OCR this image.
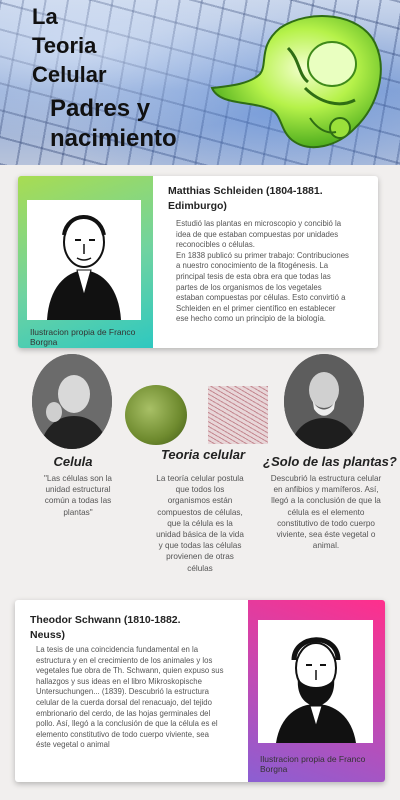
La
Teoria
Celular
Padres y
nacimiento
Ilustracion propia de Franco
Borgna
Matthias Schleiden (1804-1881.
Edimburgo)
Estudió las plantas en microscopio y concibió la
idea de que estaban compuestas por unidades
reconocibles o células.
En 1838 publicó su primer trabajo: Contribuciones
a nuestro conocimiento de la fitogénesis. La
principal tesis de esta obra era que todas las
partes de los organismos de los vegetales
estaban compuestas por células. Esto convirtió a
Schleiden en el primer científico en establecer
ese hecho como un principio de la biología.
Celula
"Las células son la
unidad estructural
común a todas las
plantas"
Teoria celular
La teoría celular postula
que todos los
organismos están
compuestos de células,
que la célula es la
unidad básica de la vida
y que todas las células
provienen de otras
células
¿Solo de las plantas?
Descubrió la estructura celular
en anfibios y mamíferos. Así,
llegó a la conclusión de que la
célula es el elemento
constitutivo de todo cuerpo
viviente, sea éste vegetal o
animal.
Ilustracion propia de Franco
Borgna
Theodor Schwann (1810-1882.
Neuss)
La tesis de una coincidencia fundamental en la
estructura y en el crecimiento de los animales y los
vegetales fue obra de Th. Schwann, quien expuso sus
hallazgos y sus ideas en el libro Mikroskopische
Untersuchungen... (1839). Descubrió la estructura
celular de la cuerda dorsal del renacuajo, del tejido
embrionario del cerdo, de las hojas germinales del
pollo. Así, llegó a la conclusión de que la célula es el
elemento constitutivo de todo cuerpo viviente, sea
éste vegetal o animal
